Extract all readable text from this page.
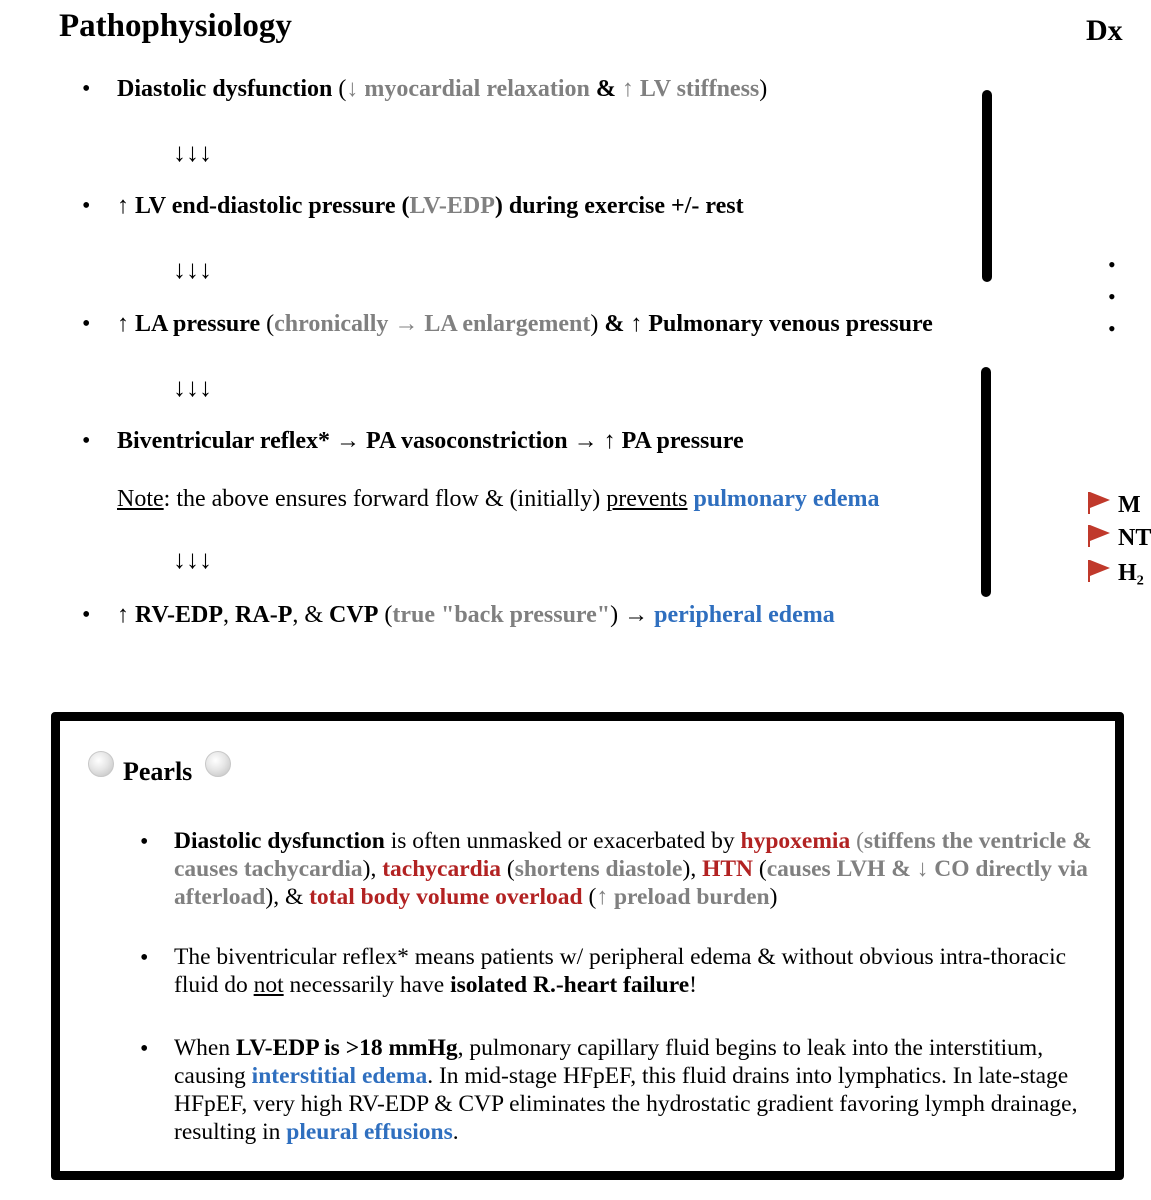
Pathophysiology	Dx
• Diastolic dysfunction (↓ myocardial relaxation & ↑ LV stiffness)
↓↓↓
• ↑ LV end-diastolic pressure (LV-EDP) during exercise +/- rest
↓↓↓
• ↑ LA pressure (chronically → LA enlargement) & ↑ Pulmonary venous pressure
↓↓↓
• Biventricular reflex* → PA vasoconstriction → ↑ PA pressure
Note: the above ensures forward flow & (initially) prevents pulmonary edema
↓↓↓
• ↑ RV-EDP, RA-P, & CVP (true "back pressure") → peripheral edema
•
•
•
M
NT
H₂
Pearls
• Diastolic dysfunction is often unmasked or exacerbated by hypoxemia (stiffens the ventricle & causes tachycardia), tachycardia (shortens diastole), HTN (causes LVH & ↓ CO directly via afterload), & total body volume overload (↑ preload burden)
• The biventricular reflex* means patients w/ peripheral edema & without obvious intra-thoracic fluid do not necessarily have isolated R.-heart failure!
• When LV-EDP is >18 mmHg, pulmonary capillary fluid begins to leak into the interstitium, causing interstitial edema. In mid-stage HFpEF, this fluid drains into lymphatics. In late-stage HFpEF, very high RV-EDP & CVP eliminates the hydrostatic gradient favoring lymph drainage, resulting in pleural effusions.
